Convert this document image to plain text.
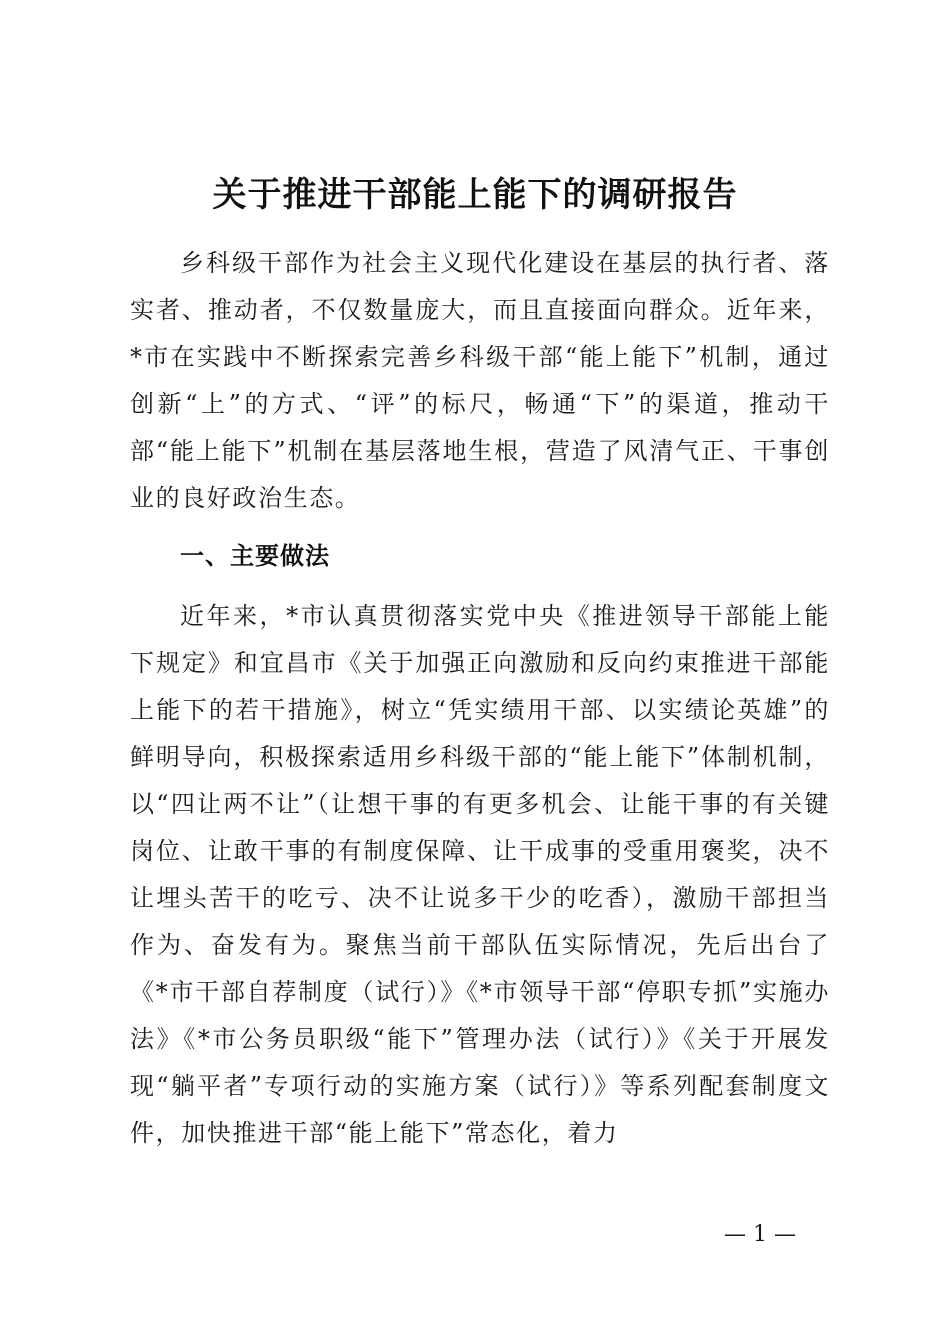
关于推进干部能上能下的调研报告

乡科级干部作为社会主义现代化建设在基层的执行者、落实者、推动者，不仅数量庞大，而且直接面向群众。近年来，*市在实践中不断探索完善乡科级干部“能上能下”机制，通过创新“上”的方式、“评”的标尺，畅通“下”的渠道，推动干部“能上能下”机制在基层落地生根，营造了风清气正、干事创业的良好政治生态。

一、主要做法

近年来，*市认真贯彻落实党中央《推进领导干部能上能下规定》和宜昌市《关于加强正向激励和反向约束推进干部能上能下的若干措施》，树立“凭实绩用干部、以实绩论英雄”的鲜明导向，积极探索适用乡科级干部的“能上能下”体制机制，以“四让两不让”（让想干事的有更多机会、让能干事的有关键岗位、让敢干事的有制度保障、让干成事的受重用褒奖，决不让埋头苦干的吃亏、决不让说多干少的吃香），激励干部担当作为、奋发有为。聚焦当前干部队伍实际情况，先后出台了《*市干部自荐制度（试行）》《*市领导干部“停职专抓”实施办法》《*市公务员职级“能下”管理办法（试行）》《关于开展发现“躺平者”专项行动的实施方案（试行）》等系列配套制度文件，加快推进干部“能上能下”常态化，着力

— 1 —
